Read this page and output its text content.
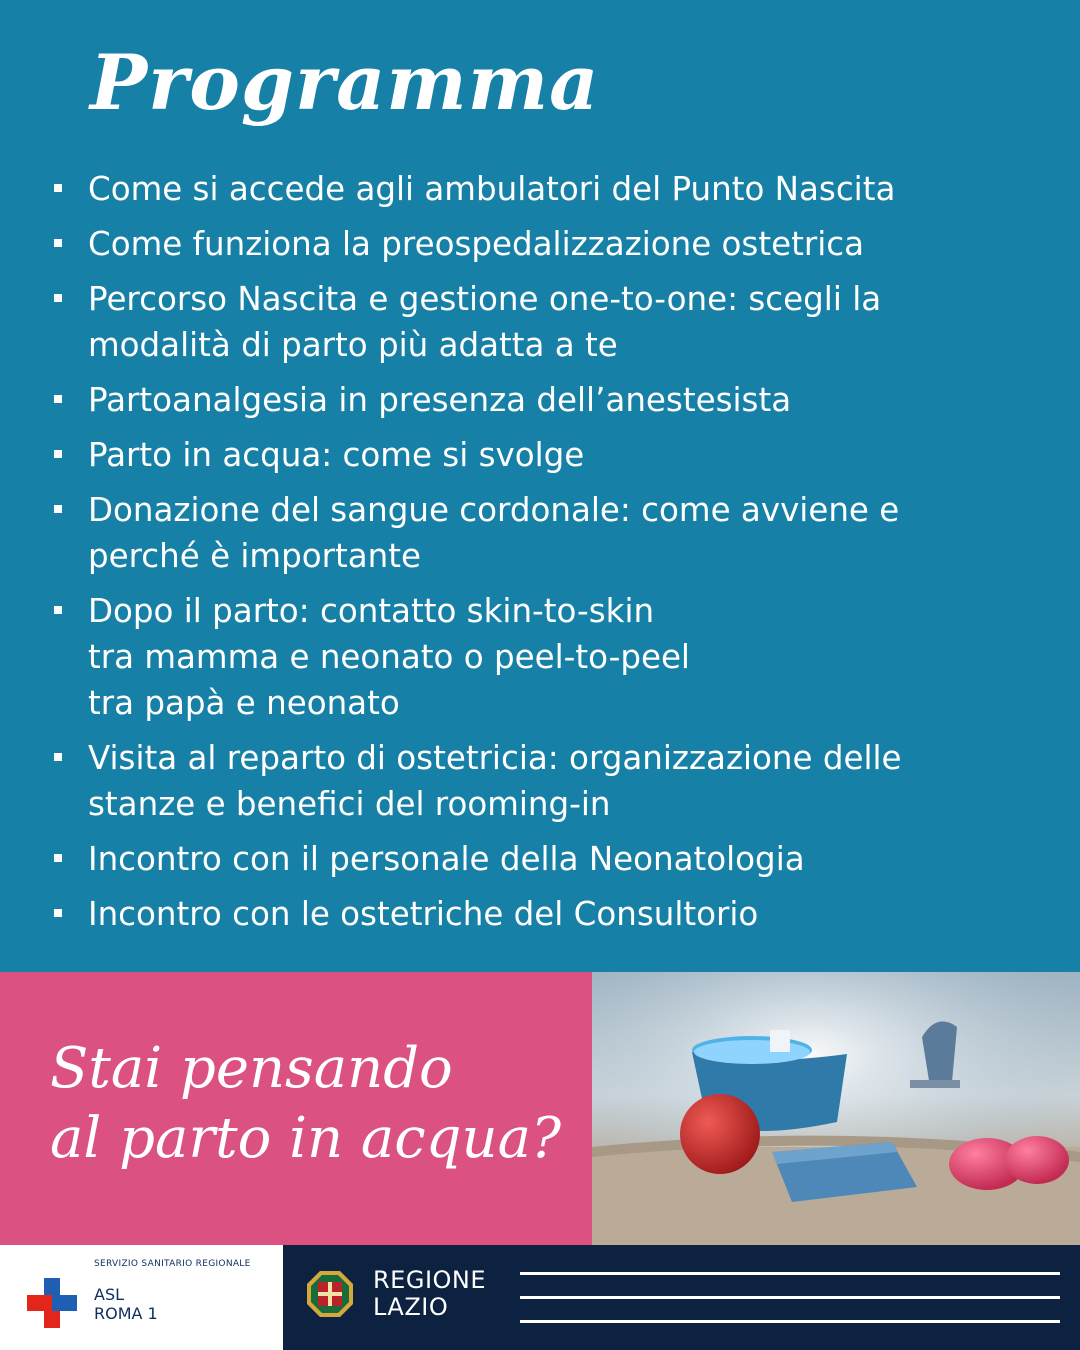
Programma
Come si accede agli ambulatori del Punto Nascita
Come funziona la preospedalizzazione ostetrica
Percorso Nascita e gestione one-to-one: scegli la
modalità di parto più adatta a te
Partoanalgesia in presenza dell’anestesista
Parto in acqua: come si svolge
Donazione del sangue cordonale: come avviene e
perché è importante
Dopo il parto: contatto skin-to-skin
tra mamma e neonato o peel-to-peel
tra papà e neonato
Visita al reparto di ostetricia: organizzazione delle
stanze e benefici del rooming-in
Incontro con il personale della Neonatologia
Incontro con le ostetriche del Consultorio

Stai pensando
al parto in acqua?

SERVIZIO SANITARIO REGIONALE
ASL
ROMA 1
REGIONE
LAZIO
